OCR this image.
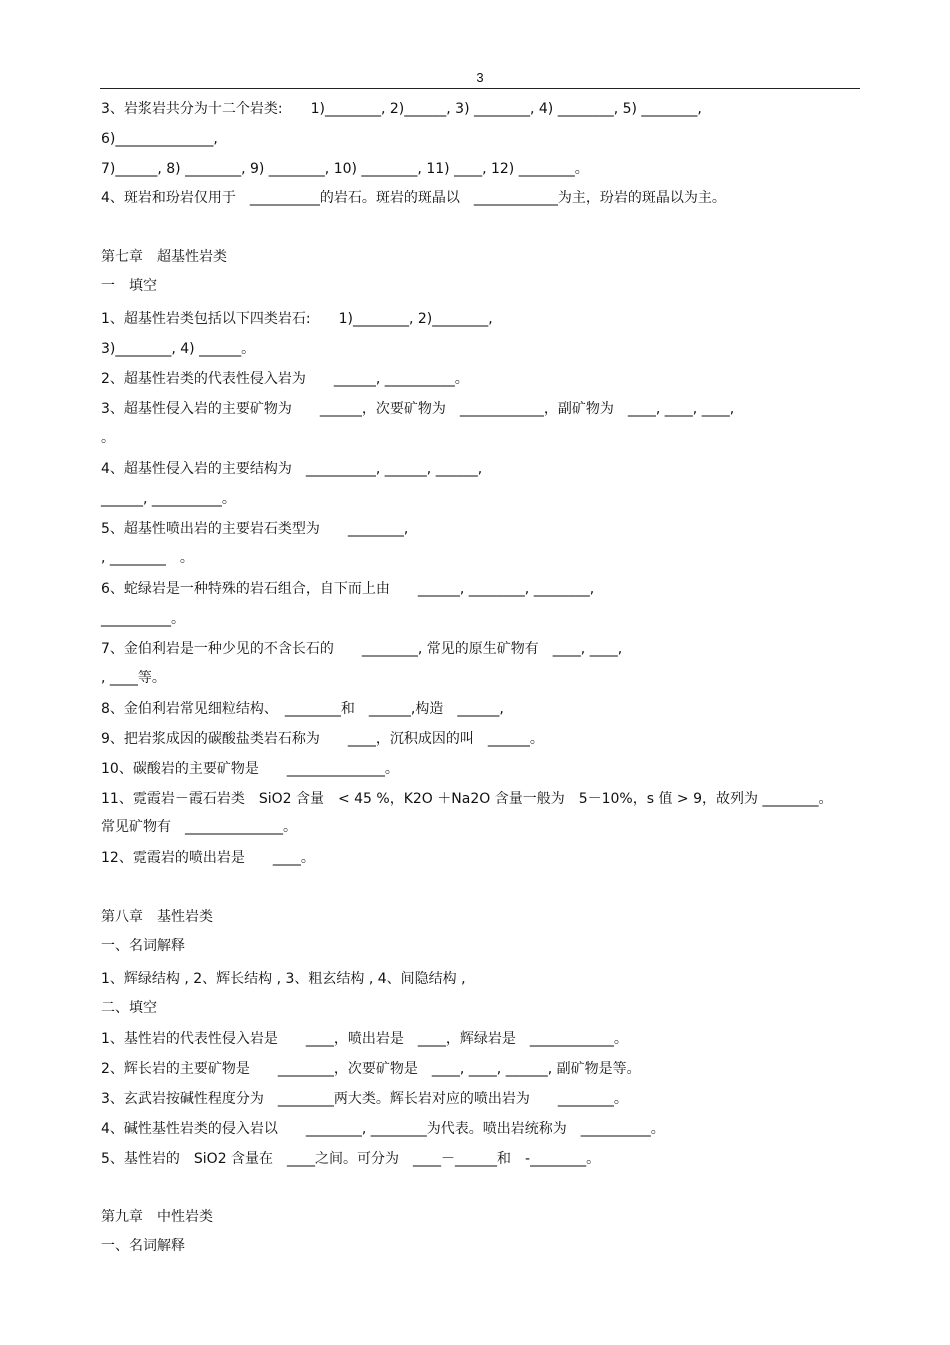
3
3、岩浆岩共分为十二个岩类:　　1)________, 2)______, 3) ________, 4) ________, 5) ________,
6)______________,
7)______, 8) ________, 9) ________, 10) ________, 11) ____, 12) ________。
4、斑岩和玢岩仅用于　__________的岩石。斑岩的斑晶以　____________为主，玢岩的斑晶以为主。
第七章　超基性岩类
一　填空
1、超基性岩类包括以下四类岩石:　　1)________, 2)________,
3)________, 4) ______。
2、超基性岩类的代表性侵入岩为　　______, __________。
3、超基性侵入岩的主要矿物为　　______，次要矿物为　____________，副矿物为　____, ____, ____,
。
4、超基性侵入岩的主要结构为　__________, ______, ______,
______, __________。
5、超基性喷出岩的主要岩石类型为　　________,
, ________　。
6、蛇绿岩是一种特殊的岩石组合，自下而上由　　______, ________, ________,
__________。
7、金伯利岩是一种少见的不含长石的　　________, 常见的原生矿物有　____, ____,
, ____等。
8、金伯利岩常见细粒结构、　________和　______,构造　______,
9、把岩浆成因的碳酸盐类岩石称为　　____，沉积成因的叫　______。
10、碳酸岩的主要矿物是　　______________。
11、霓霞岩－霞石岩类　SiO2 含量　< 45 %，K2O ＋Na2O 含量一般为　5－10%，s 值 > 9，故列为 ________。
常见矿物有　______________。
12、霓霞岩的喷出岩是　　____。
第八章　基性岩类
一、名词解释
1、辉绿结构 , 2、辉长结构 , 3、粗玄结构 , 4、间隐结构 ,
二、填空
1、基性岩的代表性侵入岩是　　____，喷出岩是　____，辉绿岩是　____________。
2、辉长岩的主要矿物是　　________，次要矿物是　____, ____, ______, 副矿物是等。
3、玄武岩按碱性程度分为　________两大类。辉长岩对应的喷出岩为　　________。
4、碱性基性岩类的侵入岩以　　________, ________为代表。喷出岩统称为　__________。
5、基性岩的　SiO2 含量在　____之间。可分为　____－______和　-________。
第九章　中性岩类
一、名词解释
